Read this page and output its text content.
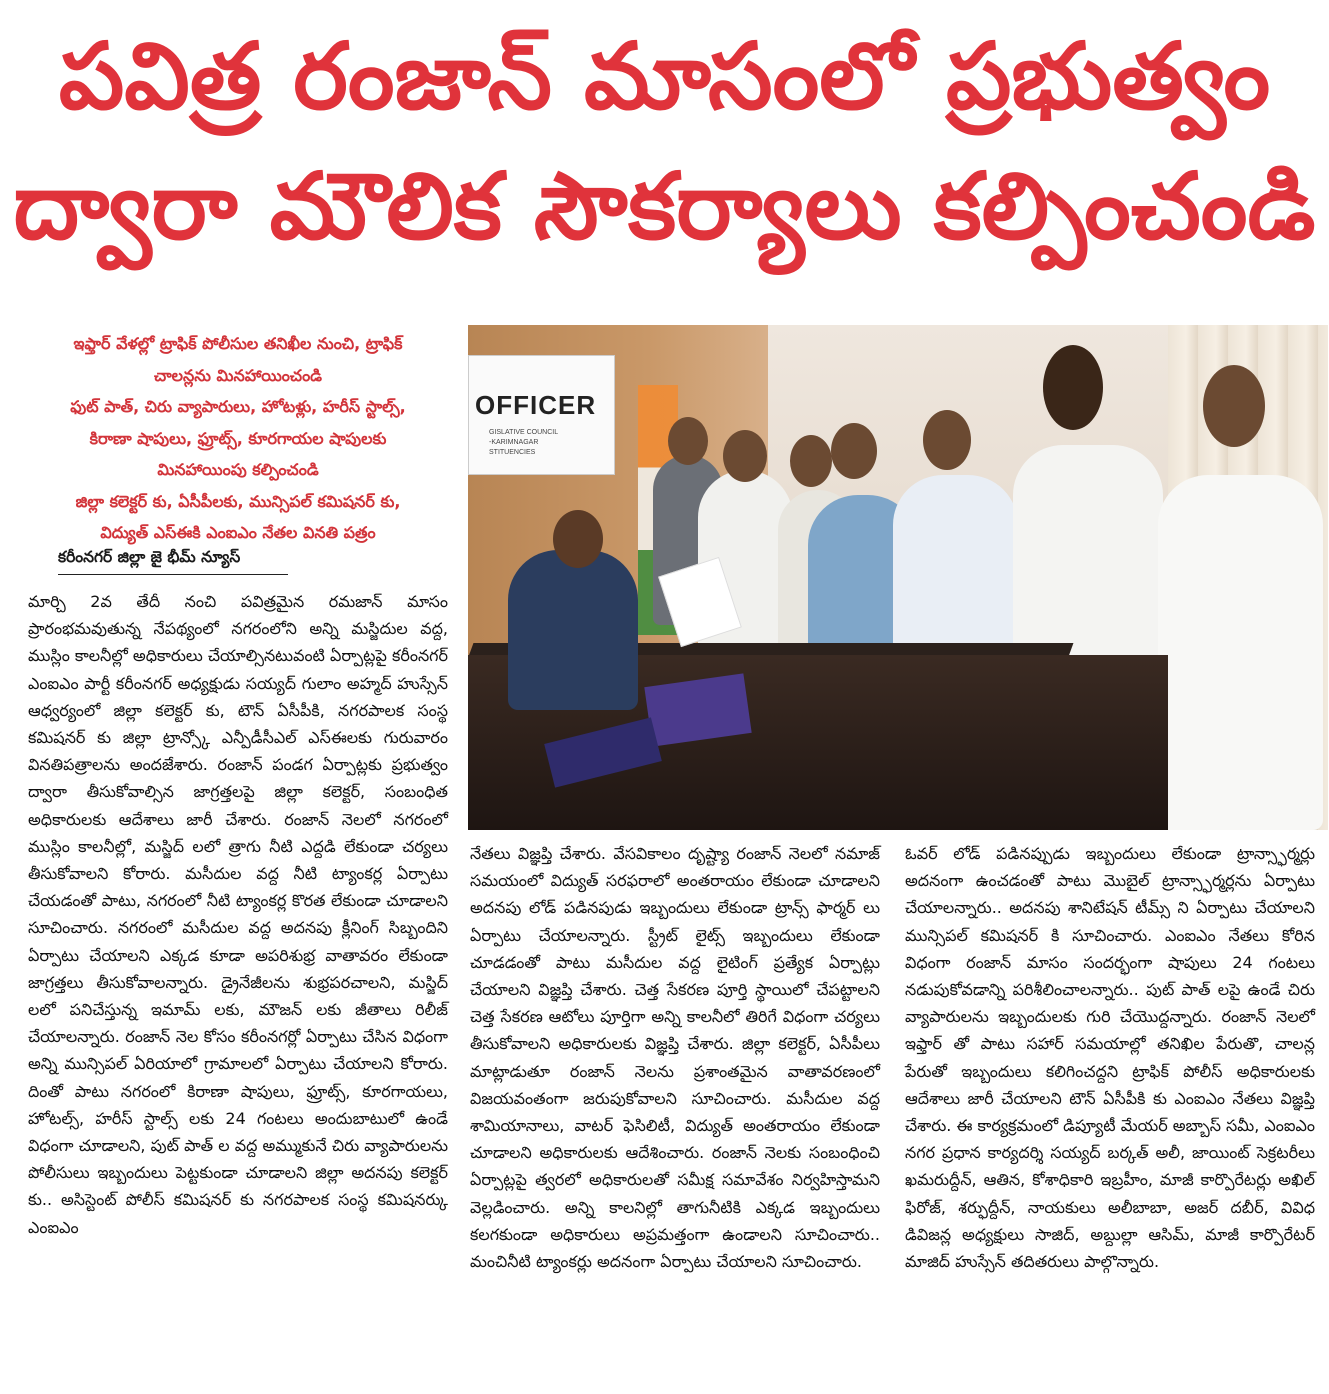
పవిత్ర రంజాన్ మాసంలో ప్రభుత్వం
ద్వారా మౌలిక సౌకర్యాలు కల్పించండి
ఇఫ్తార్ వేళల్లో ట్రాఫిక్ పోలీసుల తనిఖీల నుంచి, ట్రాఫిక్
చాలన్లను మినహాయించండి
ఫుట్ పాత్, చిరు వ్యాపారులు, హోటళ్లు, హరీస్ స్టాల్స్,
కిరాణా షాపులు, ఫ్రూట్స్, కూరగాయల షాపులకు
మినహాయింపు కల్పించండి
జిల్లా కలెక్టర్ కు, ఏసీపీలకు, మున్సిపల్ కమిషనర్ కు,
విద్యుత్ ఎస్ఈకి ఎంఐఎం నేతల వినతి పత్రం
కరీంనగర్ జిల్లా జై భీమ్ న్యూస్

మార్చి 2వ తేదీ నంచి పవిత్రమైన రమజాన్ మాసం ప్రారంభమవుతున్న నేపథ్యంలో నగరంలోని అన్ని మస్జిదుల వద్ద, ముస్లిం కాలనీల్లో అధికారులు చేయాల్సినటువంటి ఏర్పాట్లపై కరీంనగర్ ఎంఐఎం పార్టీ కరీంనగర్ అధ్యక్షుడు సయ్యద్ గులాం అహ్మద్ హుస్సేన్ ఆధ్వర్యంలో జిల్లా కలెక్టర్ కు, టౌన్ ఏసీపీకి, నగరపాలక సంస్థ కమిషనర్ కు జిల్లా ట్రాన్స్కో ఎన్పీడీసీఎల్ ఎస్ఈలకు గురువారం వినతిపత్రాలను అందజేశారు. రంజాన్ పండగ ఏర్పాట్లకు ప్రభుత్వం ద్వారా తీసుకోవాల్సిన జాగ్రత్తలపై జిల్లా కలెక్టర్, సంబంధిత అధికారులకు ఆదేశాలు జారీ చేశారు. రంజాన్ నెలలో నగరంలో ముస్లిం కాలనీల్లో, మస్జిద్ లలో త్రాగు నీటి ఎద్దడి లేకుండా చర్యలు తీసుకోవాలని కోరారు. మసీదుల వద్ద నీటి ట్యాంకర్ల ఏర్పాటు చేయడంతో పాటు, నగరంలో నీటి ట్యాంకర్ల కొరత లేకుండా చూడాలని సూచించారు. నగరంలో మసీదుల వద్ద అదనపు క్లీనింగ్ సిబ్బందిని ఏర్పాటు చేయాలని ఎక్కడ కూడా అపరిశుభ్ర వాతావరం లేకుండా జాగ్రత్తలు తీసుకోవాలన్నారు. డ్రైనేజీలను శుభ్రపరచాలని, మస్జిద్ లలో పనిచేస్తున్న ఇమామ్ లకు, మౌజన్ లకు జీతాలు రిలీజ్ చేయాలన్నారు. రంజాన్ నెల కోసం కరీంనగర్లో ఏర్పాటు చేసిన విధంగా అన్ని మున్సిపల్ ఏరియాలో గ్రామాలలో ఏర్పాటు చేయాలని కోరారు. దింతో పాటు నగరంలో కిరాణా షాపులు, ఫ్రూట్స్, కూరగాయలు, హోటల్స్, హరీస్ స్టాల్స్ లకు 24 గంటలు అందుబాటులో ఉండే విధంగా చూడాలని, పుట్ పాత్ ల వద్ద అమ్ముకునే చిరు వ్యాపారులను పోలీసులు ఇబ్బందులు పెట్టకుండా చూడాలని జిల్లా అదనపు కలెక్టర్ కు.. అసిస్టెంట్ పోలీస్ కమిషనర్ కు నగరపాలక సంస్థ కమిషనర్కు ఎంఐఎం

OFFICER
GISLATIVE COUNCIL
-KARIMNAGAR
STITUENCIES

నేతలు విజ్ఞప్తి చేశారు. వేసవికాలం దృష్ట్యా రంజాన్ నెలలో నమాజ్ సమయంలో విద్యుత్ సరఫరాలో అంతరాయం లేకుండా చూడాలని అదనపు లోడ్ పడినపుడు ఇబ్బందులు లేకుండా ట్రాన్స్ ఫార్మర్ లు ఏర్పాటు చేయాలన్నారు. స్ట్రీట్ లైట్స్ ఇబ్బందులు లేకుండా చూడడంతో పాటు మసీదుల వద్ద లైటింగ్ ప్రత్యేక ఏర్పాట్లు చేయాలని విజ్ఞప్తి చేశారు. చెత్త సేకరణ పూర్తి స్థాయిలో చేపట్టాలని చెత్త సేకరణ ఆటోలు పూర్తిగా అన్ని కాలనీలో తిరిగే విధంగా చర్యలు తీసుకోవాలని అధికారులకు విజ్ఞప్తి చేశారు. జిల్లా కలెక్టర్, ఏసీపీలు మాట్లాడుతూ రంజాన్ నెలను ప్రశాంతమైన వాతావరణంలో విజయవంతంగా జరుపుకోవాలని సూచించారు. మసీదుల వద్ద శామియానాలు, వాటర్ ఫెసిలిటీ, విద్యుత్ అంతరాయం లేకుండా చూడాలని అధికారులకు ఆదేశించారు. రంజాన్ నెలకు సంబంధించి ఏర్పాట్లపై త్వరలో అధికారులతో సమీక్ష సమావేశం నిర్వహిస్తామని వెల్లడించారు. అన్ని కాలనిల్లో తాగునీటికి ఎక్కడ ఇబ్బందులు కలగకుండా అధికారులు అప్రమత్తంగా ఉండాలని సూచించారు.. మంచినీటి ట్యాంకర్లు అదనంగా ఏర్పాటు చేయాలని సూచించారు.

ఓవర్ లోడ్ పడినప్పుడు ఇబ్బందులు లేకుండా ట్రాన్స్ఫార్మర్లు అదనంగా ఉంచడంతో పాటు మొబైల్ ట్రాన్స్ఫార్మర్లను ఏర్పాటు చేయాలన్నారు.. అదనపు శానిటేషన్ టీమ్స్ ని ఏర్పాటు చేయాలని మున్సిపల్ కమిషనర్ కి సూచించారు. ఎంఐఎం నేతలు కోరిన విధంగా రంజాన్ మాసం సందర్భంగా షాపులు 24 గంటలు నడుపుకోవడాన్ని పరిశీలించాలన్నారు.. పుట్ పాత్ లపై ఉండే చిరు వ్యాపారులను ఇబ్బందులకు గురి చేయొద్దన్నారు. రంజాన్ నెలలో ఇఫ్తార్ తో పాటు సహార్ సమయాల్లో తనిఖిల పేరుతొ, చాలన్ల పేరుతో ఇబ్బందులు కలిగించద్దని ట్రాఫిక్ పోలీస్ అధికారులకు ఆదేశాలు జారీ చేయాలని టౌన్ ఏసీపీకి కు ఎంఐఎం నేతలు విజ్ఞప్తి చేశారు. ఈ కార్యక్రమంలో డిప్యూటీ మేయర్ అబ్బాస్ సమీ, ఎంఐఎం నగర ప్రధాన కార్యదర్శి సయ్యద్ బర్కత్ అలీ, జాయింట్ సెక్రటరీలు ఖమరుద్దీన్, ఆతిన, కోశాధికారి ఇబ్రహీం, మాజీ కార్పొరేటర్లు అఖిల్ ఫిరోజ్, శర్ఫుద్దీన్, నాయకులు అలీబాబా, అజర్ దబీర్, వివిధ డివిజన్ల అధ్యక్షులు సాజిద్, అబ్దుల్లా ఆసిమ్, మాజీ కార్పొరేటర్ మాజిద్ హుస్సేన్ తదితరులు పాల్గొన్నారు.
